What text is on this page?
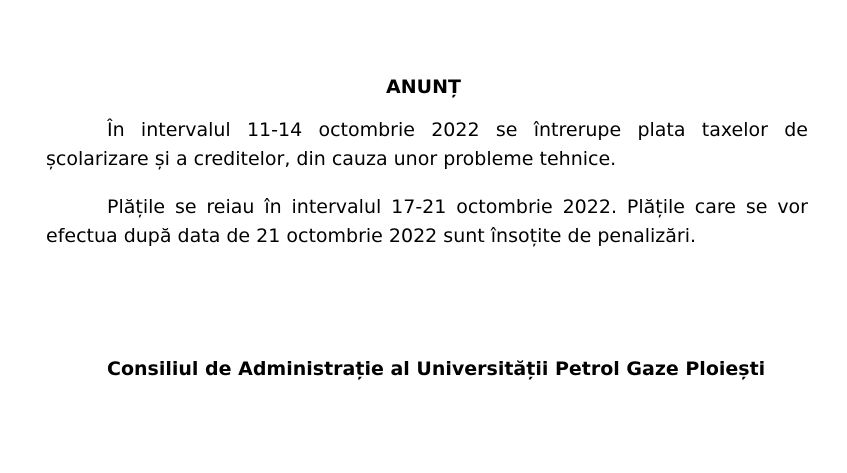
ANUNȚ

În intervalul 11-14 octombrie 2022 se întrerupe plata taxelor de școlarizare și a creditelor, din cauza unor probleme tehnice.

Plățile se reiau în intervalul 17-21 octombrie 2022. Plățile care se vor efectua după data de 21 octombrie 2022 sunt însoțite de penalizări.

Consiliul de Administrație al Universității Petrol Gaze Ploiești
